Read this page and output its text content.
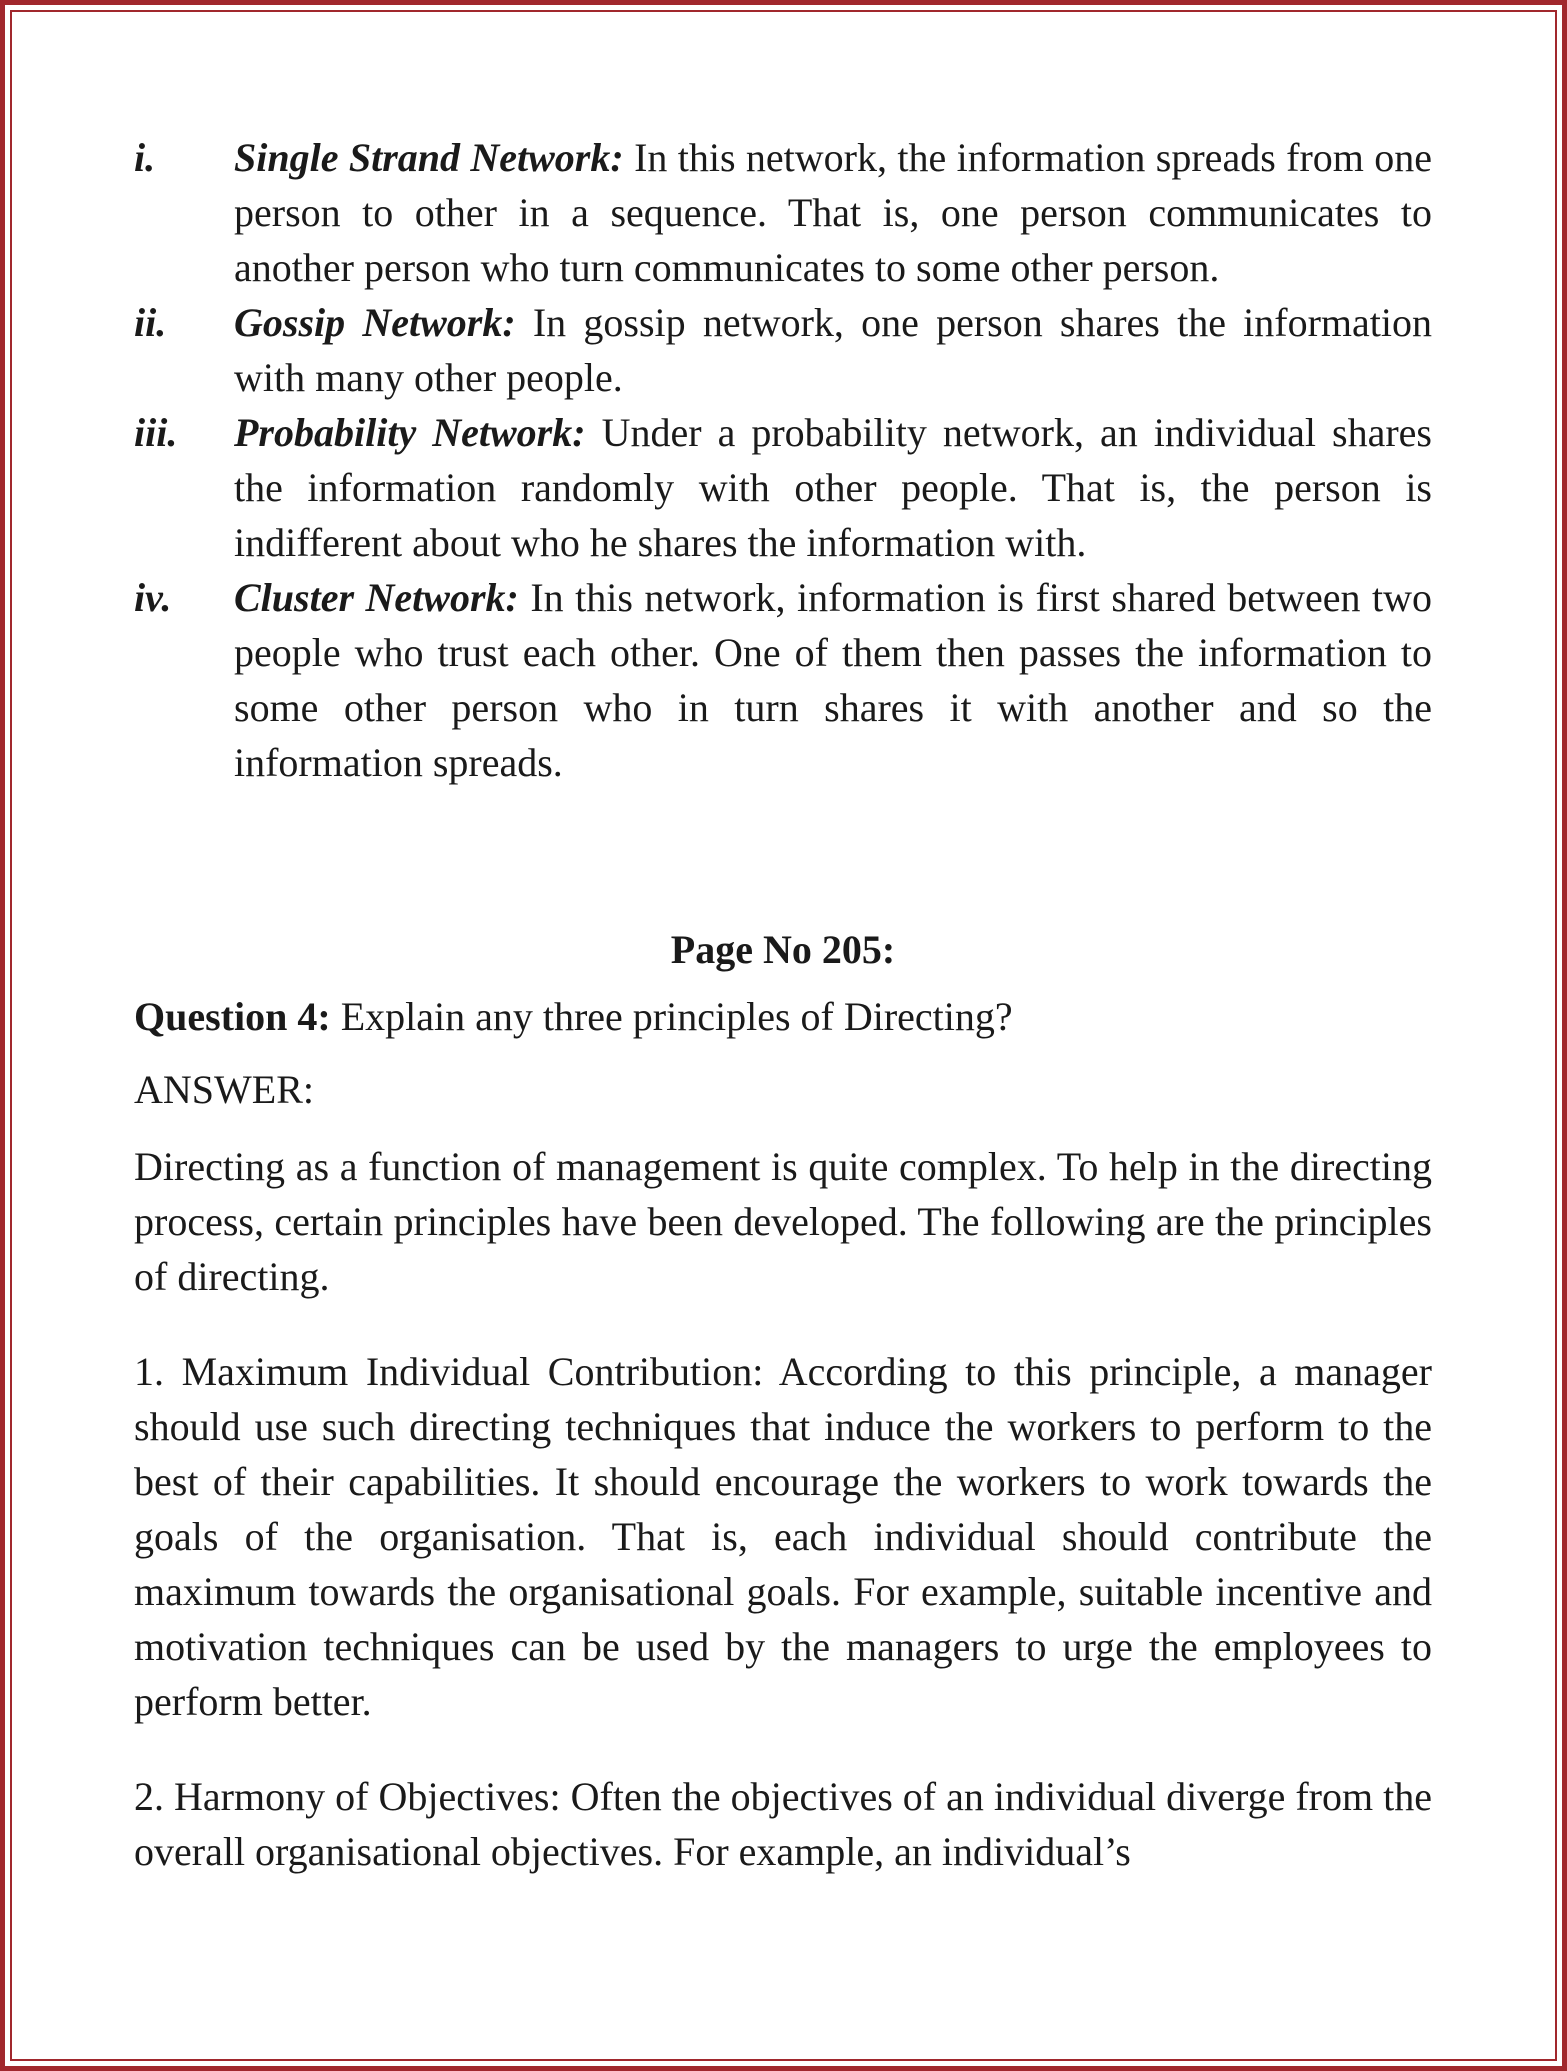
i.	Single Strand Network: In this network, the information spreads from one person to other in a sequence. That is, one person communicates to another person who turn communicates to some other person.
ii.	Gossip Network: In gossip network, one person shares the information with many other people.
iii.	Probability Network: Under a probability network, an individual shares the information randomly with other people. That is, the person is indifferent about who he shares the information with.
iv.	Cluster Network: In this network, information is first shared between two people who trust each other. One of them then passes the information to some other person who in turn shares it with another and so the information spreads.
Page No 205:
Question 4: Explain any three principles of Directing?
ANSWER:

Directing as a function of management is quite complex. To help in the directing process, certain principles have been developed. The following are the principles of directing.

1. Maximum Individual Contribution: According to this principle, a manager should use such directing techniques that induce the workers to perform to the best of their capabilities. It should encourage the workers to work towards the goals of the organisation. That is, each individual should contribute the maximum towards the organisational goals. For example, suitable incentive and motivation techniques can be used by the managers to urge the employees to perform better.

2. Harmony of Objectives: Often the objectives of an individual diverge from the overall organisational objectives. For example, an individual’s
